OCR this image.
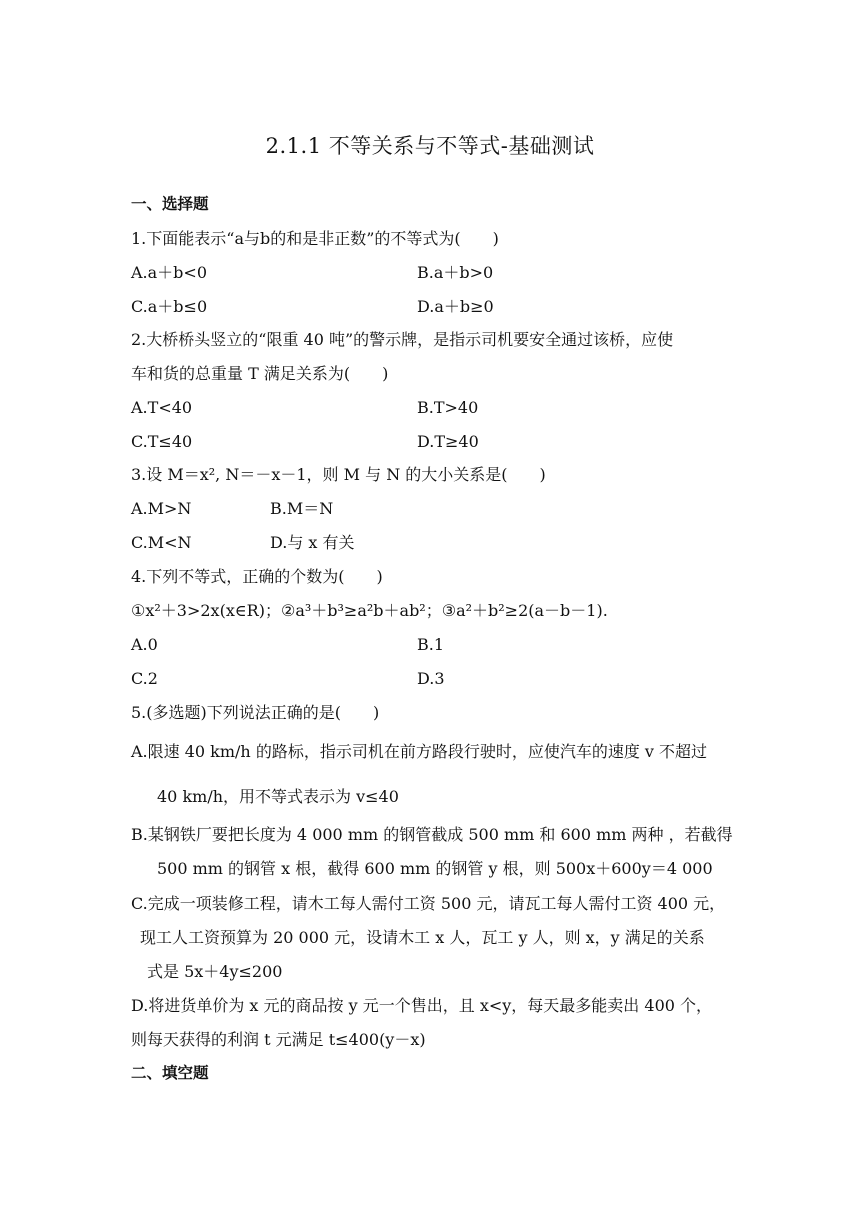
2.1.1 不等关系与不等式-基础测试
一、选择题
1.下面能表示“a与b的和是非正数”的不等式为(　　)
A.a＋b<0	B.a＋b>0
C.a＋b≤0	D.a＋b≥0
2.大桥桥头竖立的“限重 40 吨”的警示牌，是指示司机要安全通过该桥，应使
车和货的总重量 T 满足关系为(　　)
A.T<40	B.T>40
C.T≤40	D.T≥40
3.设 M＝x², N＝－x－1，则 M 与 N 的大小关系是(　　)
A.M>N	B.M＝N
C.M<N	D.与 x 有关
4.下列不等式，正确的个数为(　　)
①x²＋3>2x(x∈R)；②a³＋b³≥a²b＋ab²；③a²＋b²≥2(a－b－1).
A.0	B.1
C.2	D.3
5.(多选题)下列说法正确的是(　　)
A.限速 40 km/h 的路标，指示司机在前方路段行驶时，应使汽车的速度 v 不超过
40 km/h，用不等式表示为 v≤40
B.某钢铁厂要把长度为 4 000 mm 的钢管截成 500 mm 和 600 mm 两种 ，若截得
500 mm 的钢管 x 根，截得 600 mm 的钢管 y 根，则 500x＋600y＝4 000
C.完成一项装修工程，请木工每人需付工资 500 元，请瓦工每人需付工资 400 元，
现工人工资预算为 20 000 元，设请木工 x 人，瓦工 y 人，则 x，y 满足的关系
式是 5x＋4y≤200
D.将进货单价为 x 元的商品按 y 元一个售出，且 x<y，每天最多能卖出 400 个，
则每天获得的利润 t 元满足 t≤400(y－x)
二、填空题
